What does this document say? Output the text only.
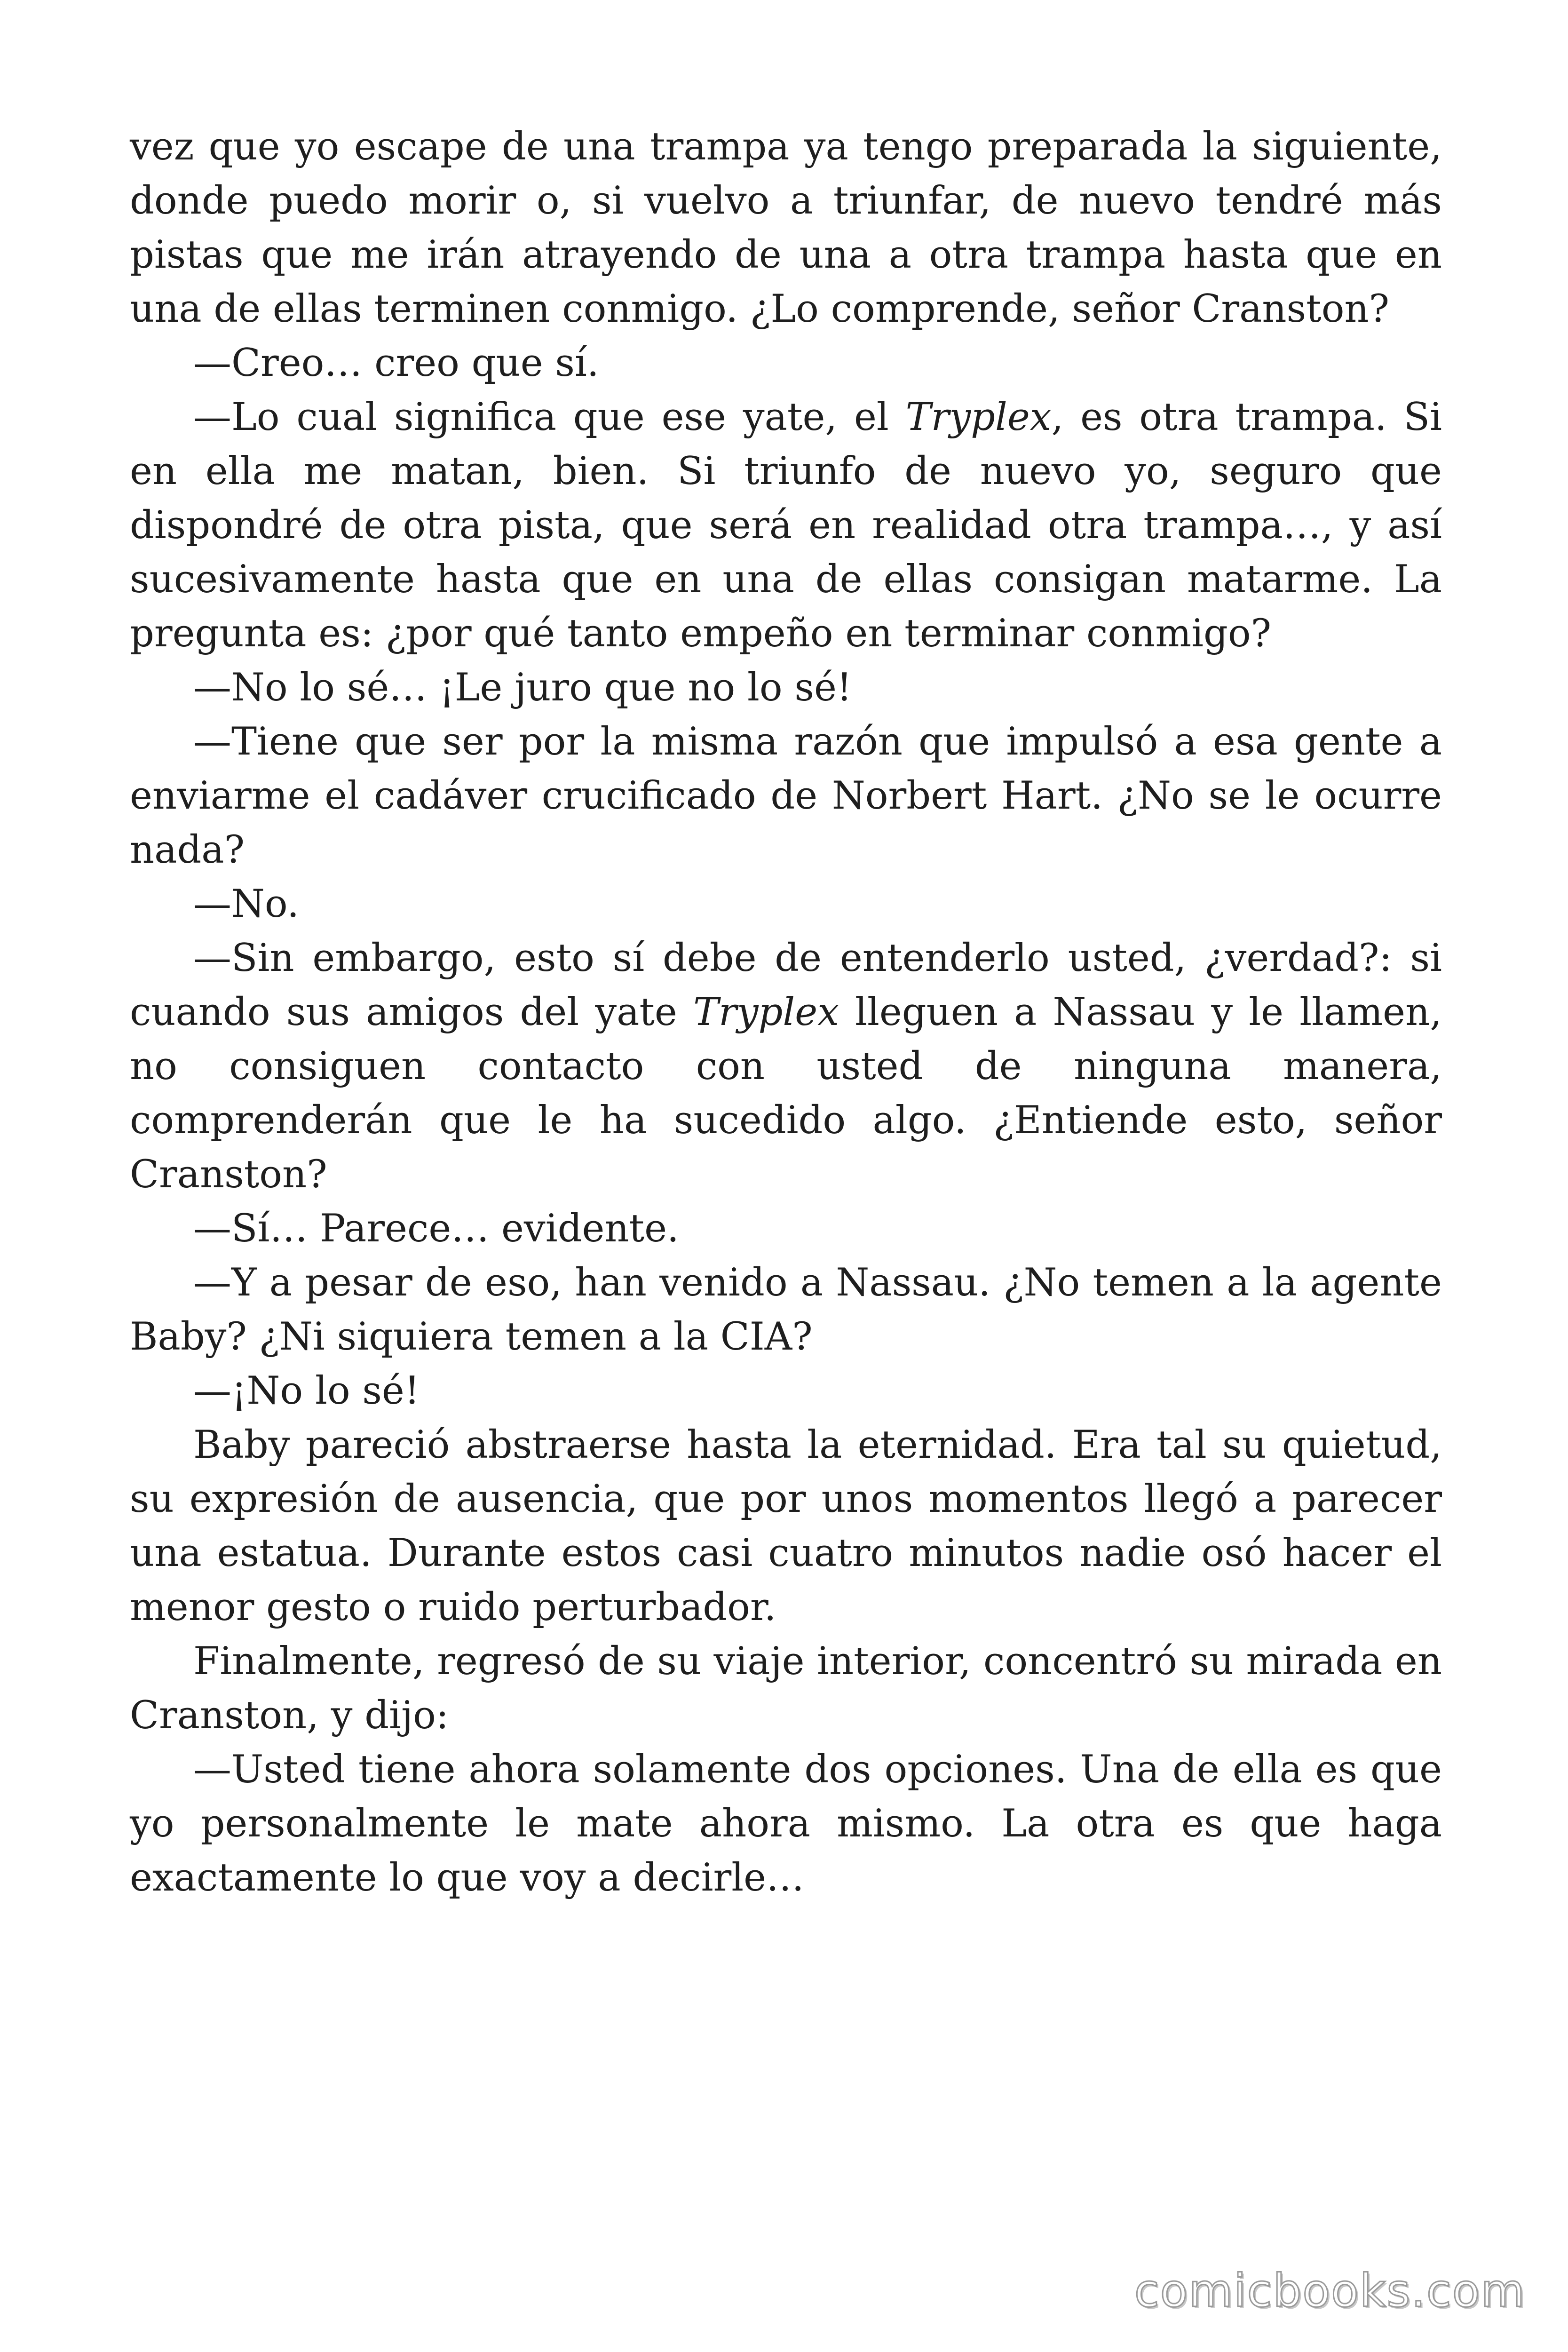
vez que yo escape de una trampa ya tengo preparada la siguiente, donde puedo morir o, si vuelvo a triunfar, de nuevo tendré más pistas que me irán atrayendo de una a otra trampa hasta que en una de ellas terminen conmigo. ¿Lo comprende, señor Cranston?

—Creo… creo que sí.

—Lo cual significa que ese yate, el Tryplex, es otra trampa. Si en ella me matan, bien. Si triunfo de nuevo yo, seguro que dispondré de otra pista, que será en realidad otra trampa…, y así sucesivamente hasta que en una de ellas consigan matarme. La pregunta es: ¿por qué tanto empeño en terminar conmigo?

—No lo sé… ¡Le juro que no lo sé!

—Tiene que ser por la misma razón que impulsó a esa gente a enviarme el cadáver crucificado de Norbert Hart. ¿No se le ocurre nada?

—No.

—Sin embargo, esto sí debe de entenderlo usted, ¿verdad?: si cuando sus amigos del yate Tryplex lleguen a Nassau y le llamen, no consiguen contacto con usted de ninguna manera, comprenderán que le ha sucedido algo. ¿Entiende esto, señor Cranston?

—Sí… Parece… evidente.

—Y a pesar de eso, han venido a Nassau. ¿No temen a la agente Baby? ¿Ni siquiera temen a la CIA?

—¡No lo sé!

Baby pareció abstraerse hasta la eternidad. Era tal su quietud, su expresión de ausencia, que por unos momentos llegó a parecer una estatua. Durante estos casi cuatro minutos nadie osó hacer el menor gesto o ruido perturbador.

Finalmente, regresó de su viaje interior, concentró su mirada en Cranston, y dijo:

—Usted tiene ahora solamente dos opciones. Una de ella es que yo personalmente le mate ahora mismo. La otra es que haga exactamente lo que voy a decirle…

comicbooks.com
